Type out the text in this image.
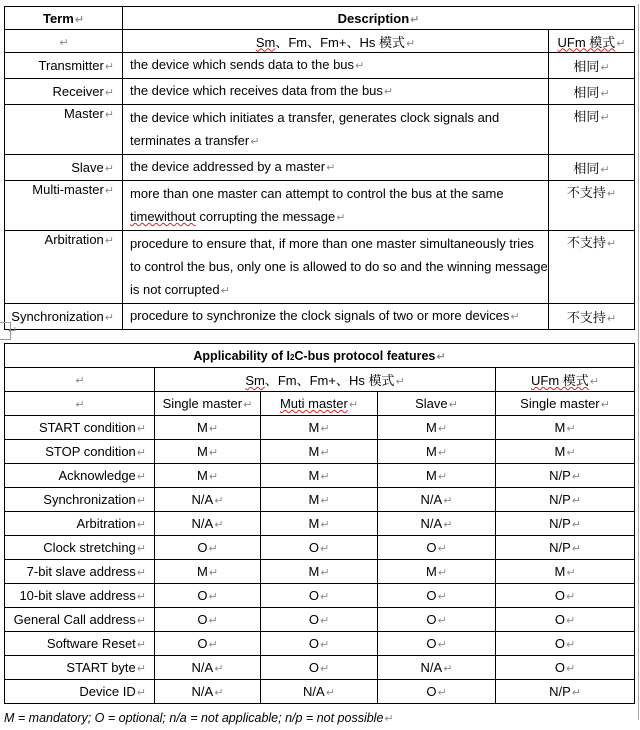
Term↵	Description↵	
↵	Sm、Fm、Fm+、Hs 模式↵	UFm 模式↵
Transmitter↵	the device which sends data to the bus↵	相同↵
Receiver↵	the device which receives data from the bus↵	相同↵
Master↵	the device which initiates a transfer, generates clock signals and terminates a transfer↵	相同↵
Slave↵	the device addressed by a master↵	相同↵
Multi-master↵	more than one master can attempt to control the bus at the same timewithout corrupting the message↵	不支持↵
Arbitration↵	procedure to ensure that, if more than one master simultaneously tries to control the bus, only one is allowed to do so and the winning message is not corrupted↵	不支持↵
Synchronization↵	procedure to synchronize the clock signals of two or more devices↵	不支持↵
↵
Applicability of I2C-bus protocol features↵				
↵	Sm、Fm、Fm+、Hs 模式↵			UFm 模式↵
↵	Single master↵	Muti master↵	Slave↵	Single master↵
START condition↵	M↵	M↵	M↵	M↵
STOP condition↵	M↵	M↵	M↵	M↵
Acknowledge↵	M↵	M↵	M↵	N/P↵
Synchronization↵	N/A↵	M↵	N/A↵	N/P↵
Arbitration↵	N/A↵	M↵	N/A↵	N/P↵
Clock stretching↵	O↵	O↵	O↵	N/P↵
7-bit slave address↵	M↵	M↵	M↵	M↵
10-bit slave address↵	O↵	O↵	O↵	O↵
General Call address↵	O↵	O↵	O↵	O↵
Software Reset↵	O↵	O↵	O↵	O↵
START byte↵	N/A↵	O↵	N/A↵	O↵
Device ID↵	N/A↵	N/A↵	O↵	N/P↵
M = mandatory; O = optional; n/a = not applicable; n/p = not possible↵
